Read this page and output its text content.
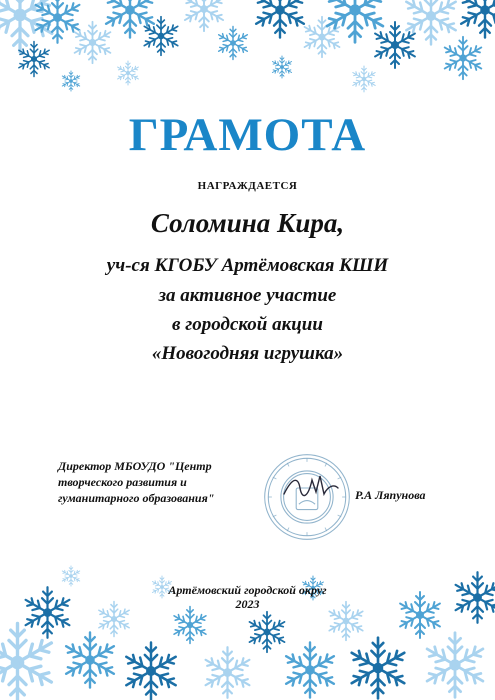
ГРАМОТА
НАГРАЖДАЕТСЯ
Соломина Кира,
уч-ся КГОБУ Артёмовская КШИ
за активное участие
в городской акции
«Новогодняя игрушка»
Директор МБОУДО "Центр
творческого развития и
гуманитарного образования"	Р.А Ляпунова
Артёмовский городской округ
2023
